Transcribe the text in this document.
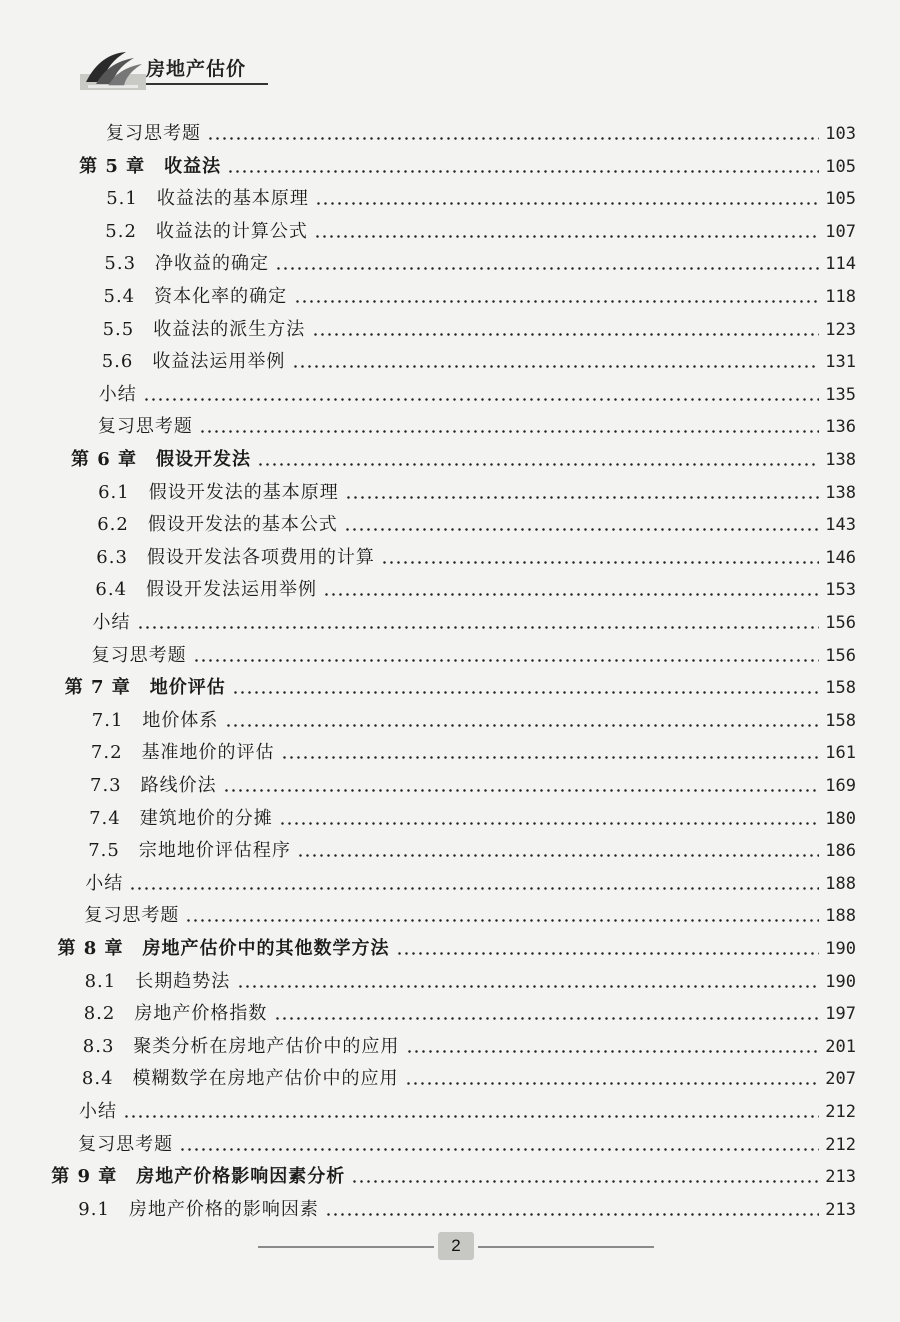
房地产估价
复习思考题	103
第 5 章　收益法	105
5.1　收益法的基本原理	105
5.2　收益法的计算公式	107
5.3　净收益的确定	114
5.4　资本化率的确定	118
5.5　收益法的派生方法	123
5.6　收益法运用举例	131
小结	135
复习思考题	136
第 6 章　假设开发法	138
6.1　假设开发法的基本原理	138
6.2　假设开发法的基本公式	143
6.3　假设开发法各项费用的计算	146
6.4　假设开发法运用举例	153
小结	156
复习思考题	156
第 7 章　地价评估	158
7.1　地价体系	158
7.2　基准地价的评估	161
7.3　路线价法	169
7.4　建筑地价的分摊	180
7.5　宗地地价评估程序	186
小结	188
复习思考题	188
第 8 章　房地产估价中的其他数学方法	190
8.1　长期趋势法	190
8.2　房地产价格指数	197
8.3　聚类分析在房地产估价中的应用	201
8.4　模糊数学在房地产估价中的应用	207
小结	212
复习思考题	212
第 9 章　房地产价格影响因素分析	213
9.1　房地产价格的影响因素	213
2
